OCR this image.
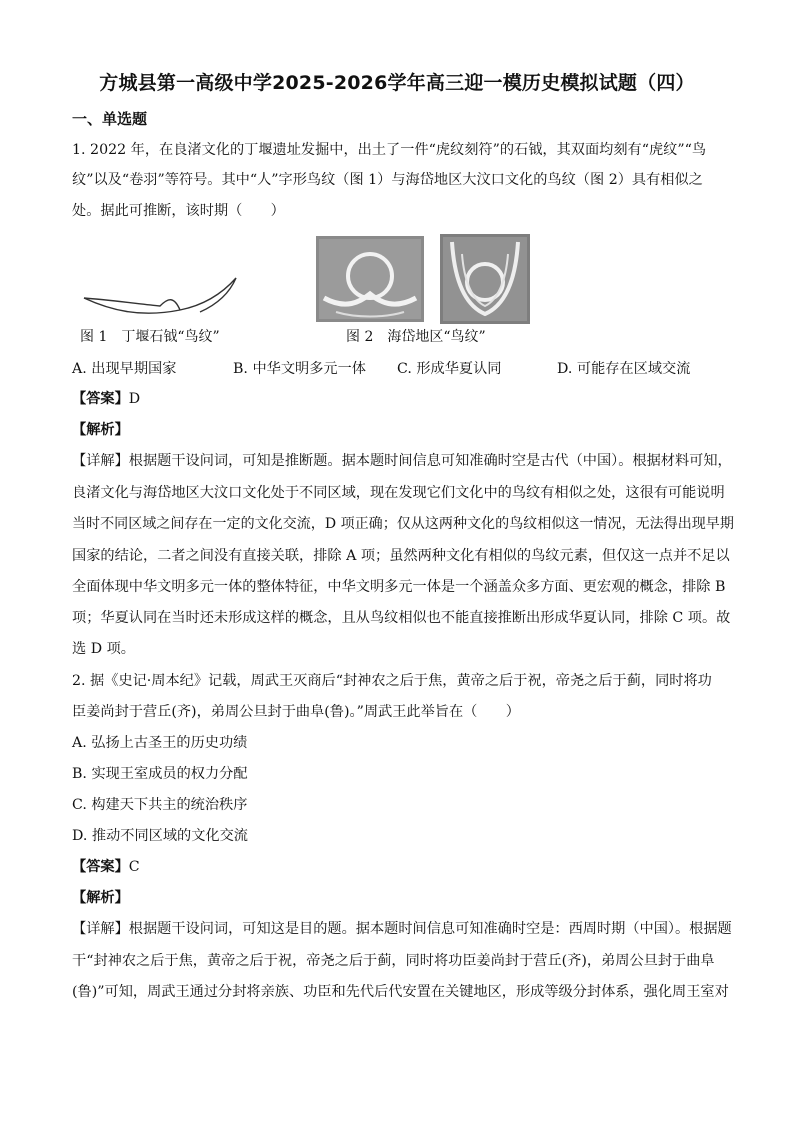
方城县第一高级中学2025-2026学年高三迎一模历史模拟试题（四）
一、单选题
1. 2022 年，在良渚文化的丁堰遗址发掘中，出土了一件“虎纹刻符”的石钺，其双面均刻有“虎纹”“鸟
纹”以及“卷羽”等符号。其中“人”字形鸟纹（图 1）与海岱地区大汶口文化的鸟纹（图 2）具有相似之
处。据此可推断，该时期（　　）
图 1　丁堰石钺“鸟纹”	图 2　海岱地区“鸟纹”
A. 出现早期国家	B. 中华文明多元一体 C. 形成华夏认同	D. 可能存在区域交流
【答案】D
【解析】
【详解】根据题干设问词，可知是推断题。据本题时间信息可知准确时空是古代（中国）。根据材料可知，
良渚文化与海岱地区大汶口文化处于不同区域，现在发现它们文化中的鸟纹有相似之处，这很有可能说明
当时不同区域之间存在一定的文化交流，D 项正确；仅从这两种文化的鸟纹相似这一情况，无法得出现早期
国家的结论，二者之间没有直接关联，排除 A 项；虽然两种文化有相似的鸟纹元素，但仅这一点并不足以
全面体现中华文明多元一体的整体特征，中华文明多元一体是一个涵盖众多方面、更宏观的概念，排除 B
项；华夏认同在当时还未形成这样的概念，且从鸟纹相似也不能直接推断出形成华夏认同，排除 C 项。故
选 D 项。
2. 据《史记·周本纪》记载，周武王灭商后“封神农之后于焦，黄帝之后于祝，帝尧之后于蓟，同时将功
臣姜尚封于营丘(齐)，弟周公旦封于曲阜(鲁)。”周武王此举旨在（　　）
A. 弘扬上古圣王的历史功绩
B. 实现王室成员的权力分配
C. 构建天下共主的统治秩序
D. 推动不同区域的文化交流
【答案】C
【解析】
【详解】根据题干设问词，可知这是目的题。据本题时间信息可知准确时空是：西周时期（中国）。根据题
干“封神农之后于焦，黄帝之后于祝，帝尧之后于蓟，同时将功臣姜尚封于营丘(齐)，弟周公旦封于曲阜
(鲁)”可知，周武王通过分封将亲族、功臣和先代后代安置在关键地区，形成等级分封体系，强化周王室对
